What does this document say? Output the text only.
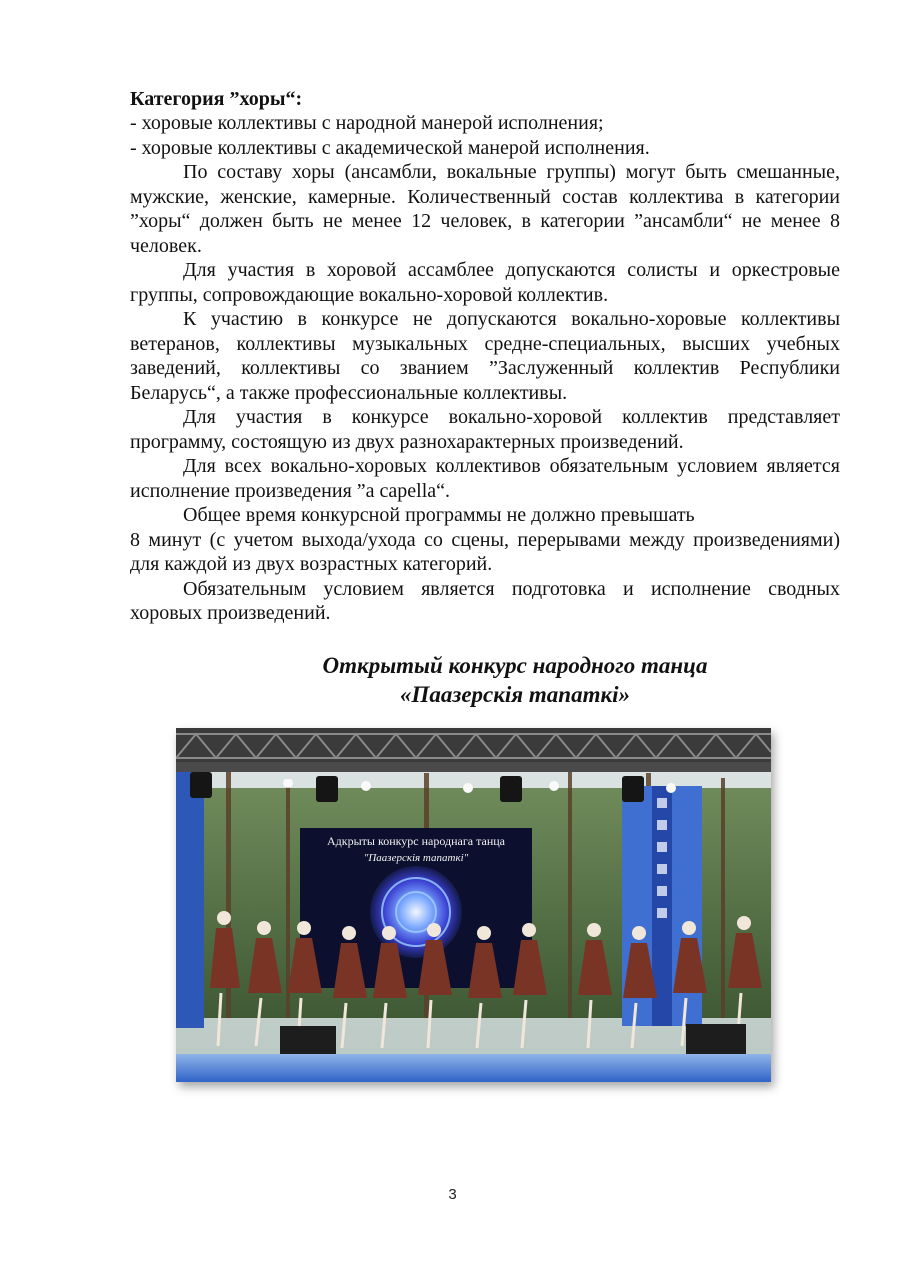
Категория ”хоры“:

- хоровые коллективы с народной манерой исполнения;

- хоровые коллективы с академической манерой исполнения.

По составу хоры (ансамбли, вокальные группы) могут быть смешанные, мужские, женские, камерные. Количественный состав коллектива в категории ”хоры“ должен быть не менее 12 человек, в категории ”ансамбли“ не менее 8 человек.

Для участия в хоровой ассамблее допускаются солисты и оркестровые группы, сопровождающие вокально-хоровой коллектив.

К участию в конкурсе не допускаются вокально-хоровые коллективы ветеранов, коллективы музыкальных средне-специальных, высших учебных заведений, коллективы со званием ”Заслуженный коллектив Республики Беларусь“, а также профессиональные коллективы.

Для участия в конкурсе вокально-хоровой коллектив представляет программу, состоящую из двух разнохарактерных произведений.

Для всех вокально-хоровых коллективов обязательным условием является исполнение произведения ”а capella“.

Общее время конкурсной программы не должно превышать

8 минут (с учетом выхода/ухода со сцены, перерывами между произведениями) для каждой из двух возрастных категорий.

Обязательным условием является подготовка и исполнение сводных хоровых произведений.

Открытый конкурс народного танца

«Паазерскія тапаткі»

Адкрыты конкурс народнага танца
"Паазерскія тапаткі"
3
